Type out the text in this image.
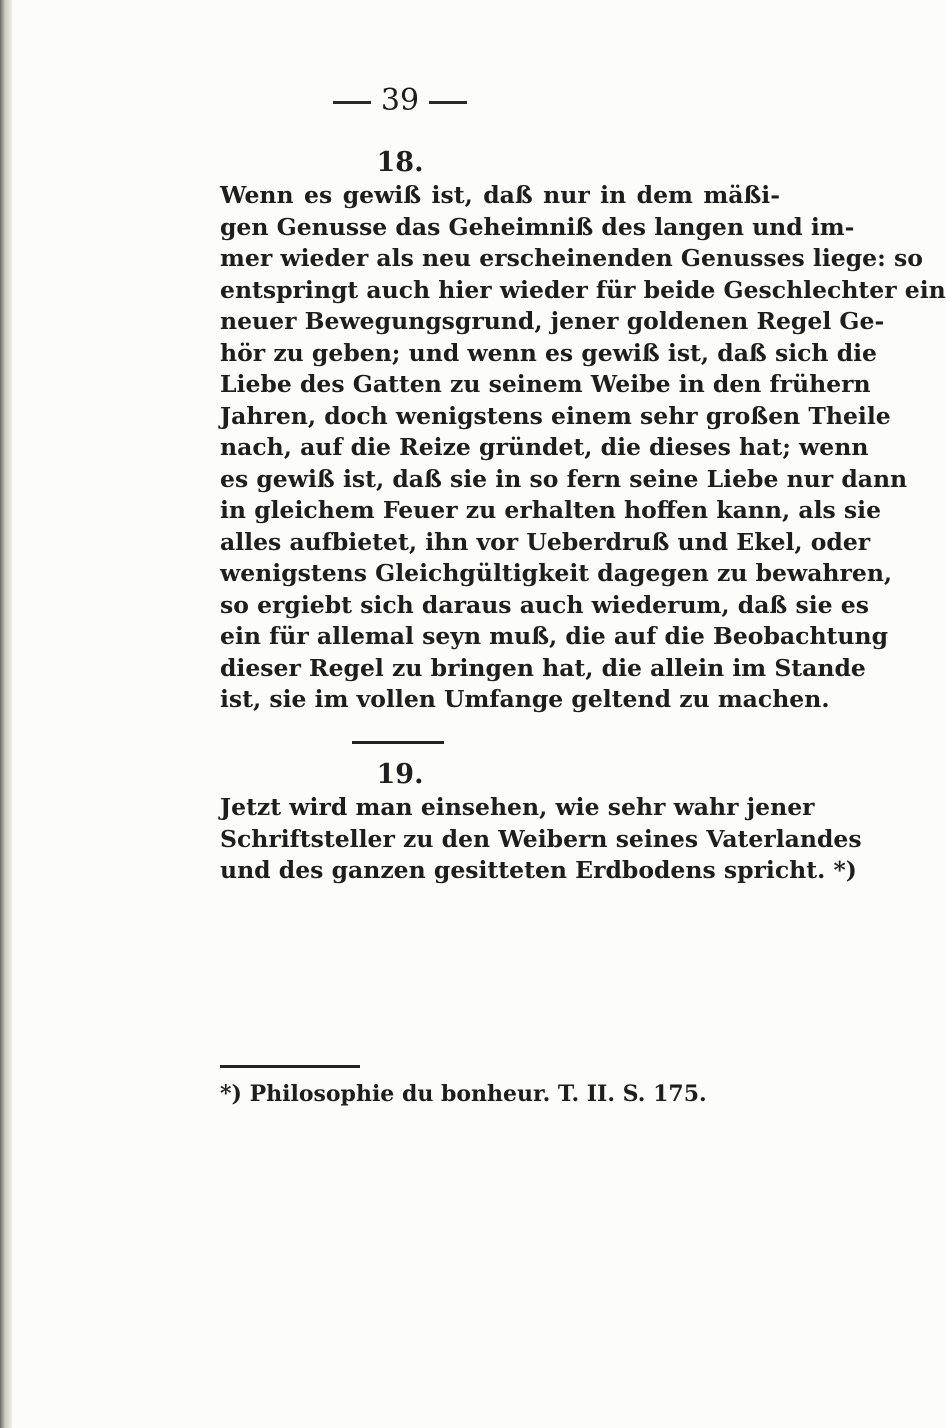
39
18.
Wenn es gewiß ist, daß nur in dem mäßi-
gen Genusse das Geheimniß des langen und im-
mer wieder als neu erscheinenden Genusses liege: so
entspringt auch hier wieder für beide Geschlechter ein
neuer Bewegungsgrund, jener goldenen Regel Ge-
hör zu geben; und wenn es gewiß ist, daß sich die
Liebe des Gatten zu seinem Weibe in den frühern
Jahren, doch wenigstens einem sehr großen Theile
nach, auf die Reize gründet, die dieses hat; wenn
es gewiß ist, daß sie in so fern seine Liebe nur dann
in gleichem Feuer zu erhalten hoffen kann, als sie
alles aufbietet, ihn vor Ueberdruß und Ekel, oder
wenigstens Gleichgültigkeit dagegen zu bewahren,
so ergiebt sich daraus auch wiederum, daß sie es
ein für allemal seyn muß, die auf die Beobachtung
dieser Regel zu bringen hat, die allein im Stande
ist, sie im vollen Umfange geltend zu machen.
19.
Jetzt wird man einsehen, wie sehr wahr jener
Schriftsteller zu den Weibern seines Vaterlandes
und des ganzen gesitteten Erdbodens spricht. *)
*) Philosophie du bonheur. T. II. S. 175.
